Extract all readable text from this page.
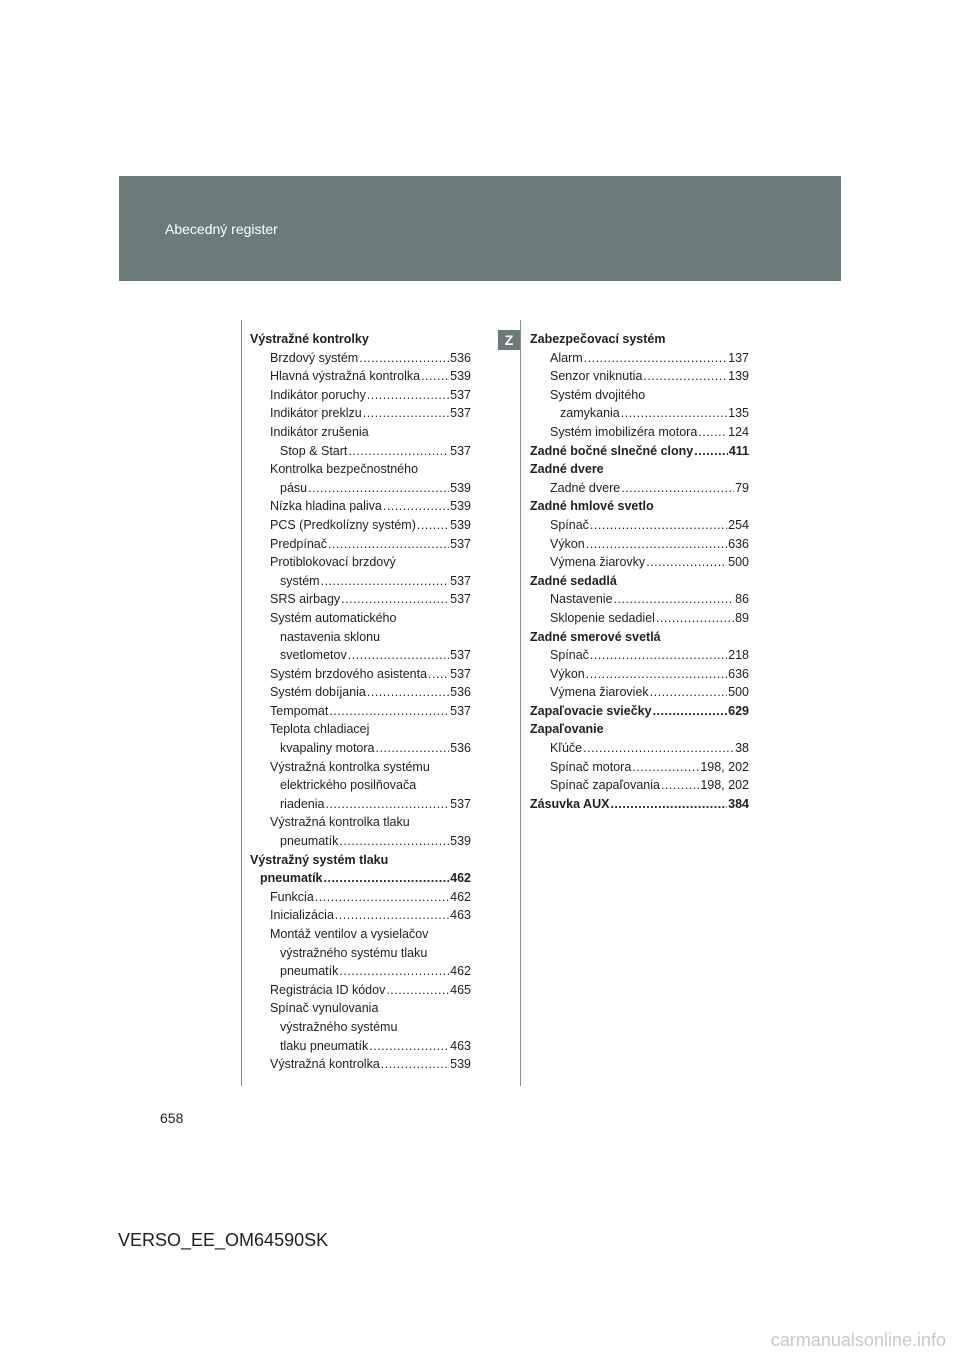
Abecedný register
Z
Výstražné kontrolky
Brzdový systém .....	536
Hlavná výstražná kontrolka ..... 539
Indikátor poruchy .....	537
Indikátor preklzu .....	537
Indikátor zrušenia
Stop & Start .....	537
Kontrolka bezpečnostného
pásu .....	539
Nízka hladina paliva .....	539
PCS (Predkolízny systém) .....	539
Predpínač .....	537
Protiblokovací brzdový
systém .....	537
SRS airbagy .....	537
Systém automatického
nastavenia sklonu
svetlometov .....	537
Systém brzdového asistenta ..... 537
Systém dobíjania .....	536
Tempomat .....	537
Teplota chladiacej
kvapaliny motora .....	536
Výstražná kontrolka systému
elektrického posilňovača
riadenia .....	537
Výstražná kontrolka tlaku
pneumatík .....	539
Výstražný systém tlaku
pneumatík .....	462
Funkcia .....	462
Inicializácia .....	463
Montáž ventilov a vysielačov
výstražného systému tlaku
pneumatík .....	462
Registrácia ID kódov .....	465
Spínač vynulovania
výstražného systému
tlaku pneumatík .....	463
Výstražná kontrolka .....	539
Zabezpečovací systém
Alarm .....	137
Senzor vniknutia .....	139
Systém dvojitého
zamykania .....	135
Systém imobilizéra motora ..... 124
Zadné bočné slnečné clony .....	411
Zadné dvere
Zadné dvere .....	79
Zadné hmlové svetlo
Spínač .....	254
Výkon .....	636
Výmena žiarovky .....	500
Zadné sedadlá
Nastavenie .....	86
Sklopenie sedadiel .....	89
Zadné smerové svetlá
Spínač .....	218
Výkon .....	636
Výmena žiaroviek .....	500
Zapaľovacie sviečky .....	629
Zapaľovanie
Kľúče .....	38
Spínač motora .....	198, 202
Spínač zapaľovania .....	198, 202
Zásuvka AUX .....	384
658
VERSO_EE_OM64590SK
carmanualsonline.info
